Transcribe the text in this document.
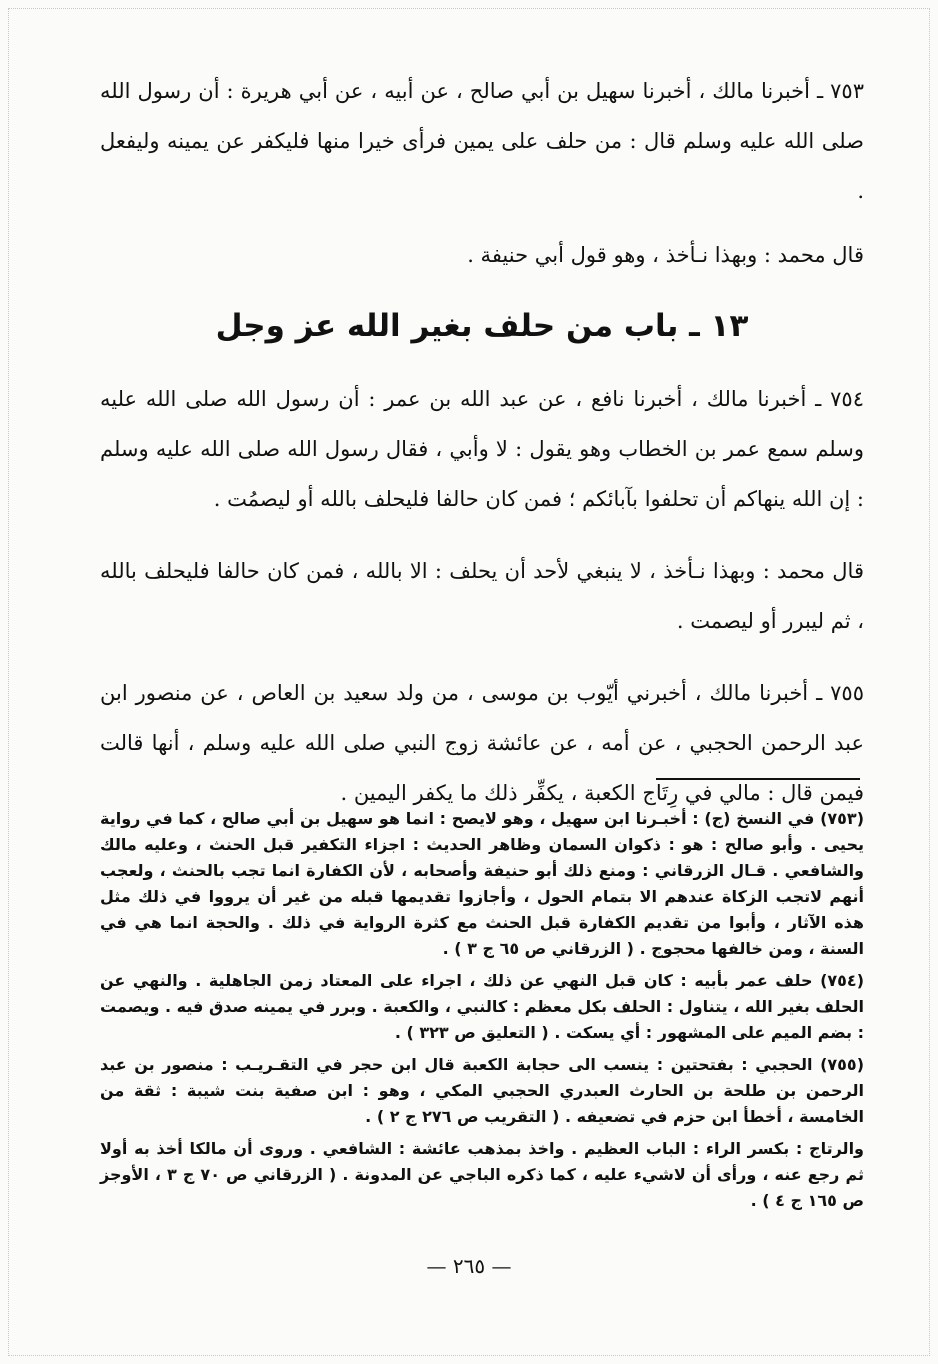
٧٥٣ ـ أخبرنا مالك ، أخبرنا سهيل بن أبي صالح ، عن أبيه ، عن أبي هريرة : أن رسول الله صلى الله عليه وسلم قال : من حلف على يمين فرأى خيرا منها فليكفر عن يمينه وليفعل .

قال محمد : وبهذا نـأخذ ، وهو قول أبي حنيفة .

١٣ ـ باب من حلف بغير الله عز وجل

٧٥٤ ـ أخبرنا مالك ، أخبرنا نافع ، عن عبد الله بن عمر : أن رسول الله صلى الله عليه وسلم سمع عمر بن الخطاب وهو يقول : لا وأبي ، فقال رسول الله صلى الله عليه وسلم : إن الله ينهاكم أن تحلفوا بآبائكم ؛ فمن كان حالفا فليحلف بالله أو ليصمُت .

قال محمد : وبهذا نـأخذ ، لا ينبغي لأحد أن يحلف : الا بالله ، فمن كان حالفا فليحلف بالله ، ثم ليبرر أو ليصمت .

٧٥٥ ـ أخبرنا مالك ، أخبرني أيّوب بن موسى ، من ولد سعيد بن العاص ، عن منصور ابن عبد الرحمن الحجبي ، عن أمه ، عن عائشة زوج النبي صلى الله عليه وسلم ، أنها قالت فيمن قال : مالي في رِتَاج الكعبة ، يكفِّر ذلك ما يكفر اليمين .

(٧٥٣) في النسخ (ج) : أخبـرنا ابن سهيل ، وهو لايصح : انما هو سهيل بن أبي صالح ، كما في رواية يحيى . وأبو صالح : هو : ذكوان السمان وظاهر الحديث : اجزاء التكفير قبل الحنث ، وعليه مالك والشافعي . قـال الزرقاني : ومنع ذلك أبو حنيفة وأصحابه ، لأن الكفارة انما تجب بالحنث ، ولعجب أنهم لاتجب الزكاة عندهم الا بتمام الحول ، وأجازوا تقديمها قبله من غير أن يرووا في ذلك مثل هذه الآثار ، وأبوا من تقديم الكفارة قبل الحنث مع كثرة الرواية في ذلك . والحجة انما هي في السنة ، ومن خالفها محجوج . ( الزرقاني ص ٦٥ ج ٣ ) .

(٧٥٤) حلف عمر بأبيه : كان قبل النهي عن ذلك ، اجراء على المعتاد زمن الجاهلية . والنهي عن الحلف بغير الله ، يتناول : الحلف بكل معظم : كالنبي ، والكعبة . وبرر في يمينه صدق فيه . ويصمت : بضم الميم على المشهور : أي يسكت . ( التعليق ص ٣٢٣ ) .

(٧٥٥) الحجبي : بفتحتين : ينسب الى حجابة الكعبة قال ابن حجر في التقـريـب : منصور بن عبد الرحمن بن طلحة بن الحارث العبدري الحجبي المكي ، وهو : ابن صفية بنت شيبة : ثقة من الخامسة ، أخطأ ابن حزم في تضعيفه . ( التقريب ص ٢٧٦ ج ٢ ) .

والرتاج : بكسر الراء : الباب العظيم . واخذ بمذهب عائشة : الشافعي . وروى أن مالكا أخذ به أولا ثم رجع عنه ، ورأى أن لاشيء عليه ، كما ذكره الباجي عن المدونة . ( الزرقاني ص ٧٠ ج ٣ ، الأوجز ص ١٦٥ ج ٤ ) .

— ٢٦٥ —
